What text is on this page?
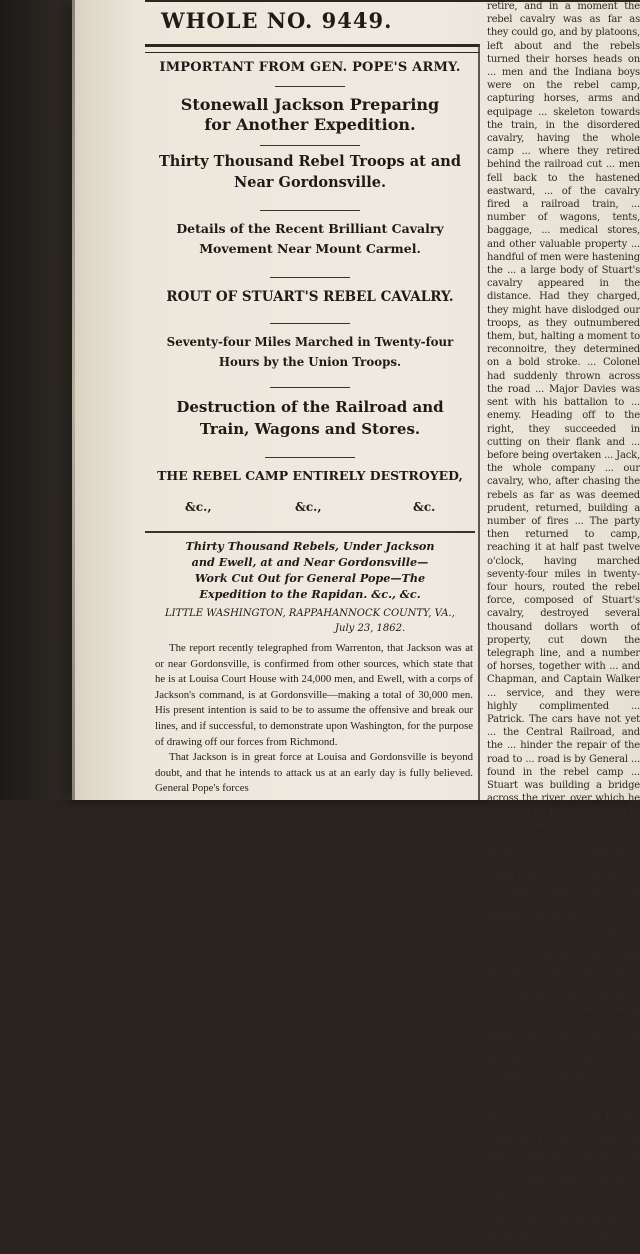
WHOLE NO. 9449.
IMPORTANT FROM GEN. POPE'S ARMY.
Stonewall Jackson Preparing
for Another Expedition.
Thirty Thousand Rebel Troops at and
Near Gordonsville.
Details of the Recent Brilliant Cavalry
Movement Near Mount Carmel.
ROUT OF STUART'S REBEL CAVALRY.
Seventy-four Miles Marched in Twenty-four
Hours by the Union Troops.
Destruction of the Railroad and
Train, Wagons and Stores.
THE REBEL CAMP ENTIRELY DESTROYED,
&c.,	&c.,	&c.
Thirty Thousand Rebels, Under Jackson
and Ewell, at and Near Gordonsville—
Work Cut Out for General Pope—The
Expedition to the Rapidan. &c., &c.
LITTLE WASHINGTON, RAPPAHANNOCK COUNTY, VA.,
July 23, 1862.

The report recently telegraphed from Warrenton, that Jackson was at or near Gordonsville, is confirmed from other sources, which state that he is at Louisa Court House with 24,000 men, and Ewell, with a corps of Jackson's command, is at Gordonsville—making a total of 30,000 men. His present intention is said to be to assume the offensive and break our lines, and if successful, to demonstrate upon Washington, for the purpose of drawing off our forces from Richmond.

That Jackson is in great force at Louisa and Gordonsville is beyond doubt, and that he intends to attack us at an early day is fully believed. General Pope's forces

retire, and in a moment the rebel cavalry was as far as they could go, and by platoons, left about and the rebels turned their horses heads on ... men and the Indiana boys were on the rebel camp, capturing horses, arms and equipage ... skeleton towards the train, in the disordered cavalry, having the whole camp ... where they retired behind the railroad cut ... men fell back to the hastened eastward, ... of the cavalry fired a railroad train, ... number of wagons, tents, baggage, ... medical stores, and other valuable property ... handful of men were hastening the ... a large body of Stuart's cavalry appeared in the distance. Had they charged, they might have dislodged our troops, as they outnumbered them, but, halting a moment to reconnoitre, they determined on a bold stroke. ... Colonel had suddenly thrown across the road ... Major Davies was sent with his battalion to ... enemy. Heading off to the right, they succeeded in cutting on their flank and ... before being overtaken ... Jack, the whole company ... our cavalry, who, after chasing the rebels as far as was deemed prudent, returned, building a number of fires ... The party then returned to camp, reaching it at half past twelve o'clock, having marched seventy-four miles in twenty-four hours, routed the rebel force, composed of Stuart's cavalry, destroyed several thousand dollars worth of property, cut down the telegraph line, and a number of horses, together with ... and Chapman, and Captain Walker ... service, and they were highly complimented ... Patrick. The cars have not yet ... the Central Railroad, and the ... hinder the repair of the road to ... road is by General ... found in the rebel camp ... Stuart was building a bridge across the river, over which he intended to pass his forces to commit depredations in the rear ... patrick set word for Stuart that he ... trouble about the bridge, as he would ... they could attend to on their way ... This day coming ... cannot fail to impress ... fact that the Department of the ... to prove rather a troublesome ... Stuart's men enjoy ... very soon have been ... much was also in the fight, and ... eners, and when the rebel authorities ... of our force they may be ... bility of a Yankee being captured ... Last Tuesday an order was ... directing certain parties in the ... be sent to the Rebellion ... to be last spring. Colonel ... General Ewell ... General ... order, and about nine o'clock ... men, went over into the ... where the parties lived, and ... upon being questioned ... the presence of any ... upon the assurance that ... coming if his facilities ... very complacently pointed ... One after another the ... hesitation, a terror to the ... were called up from the ... bringing of the guard. ... boundaries ...
